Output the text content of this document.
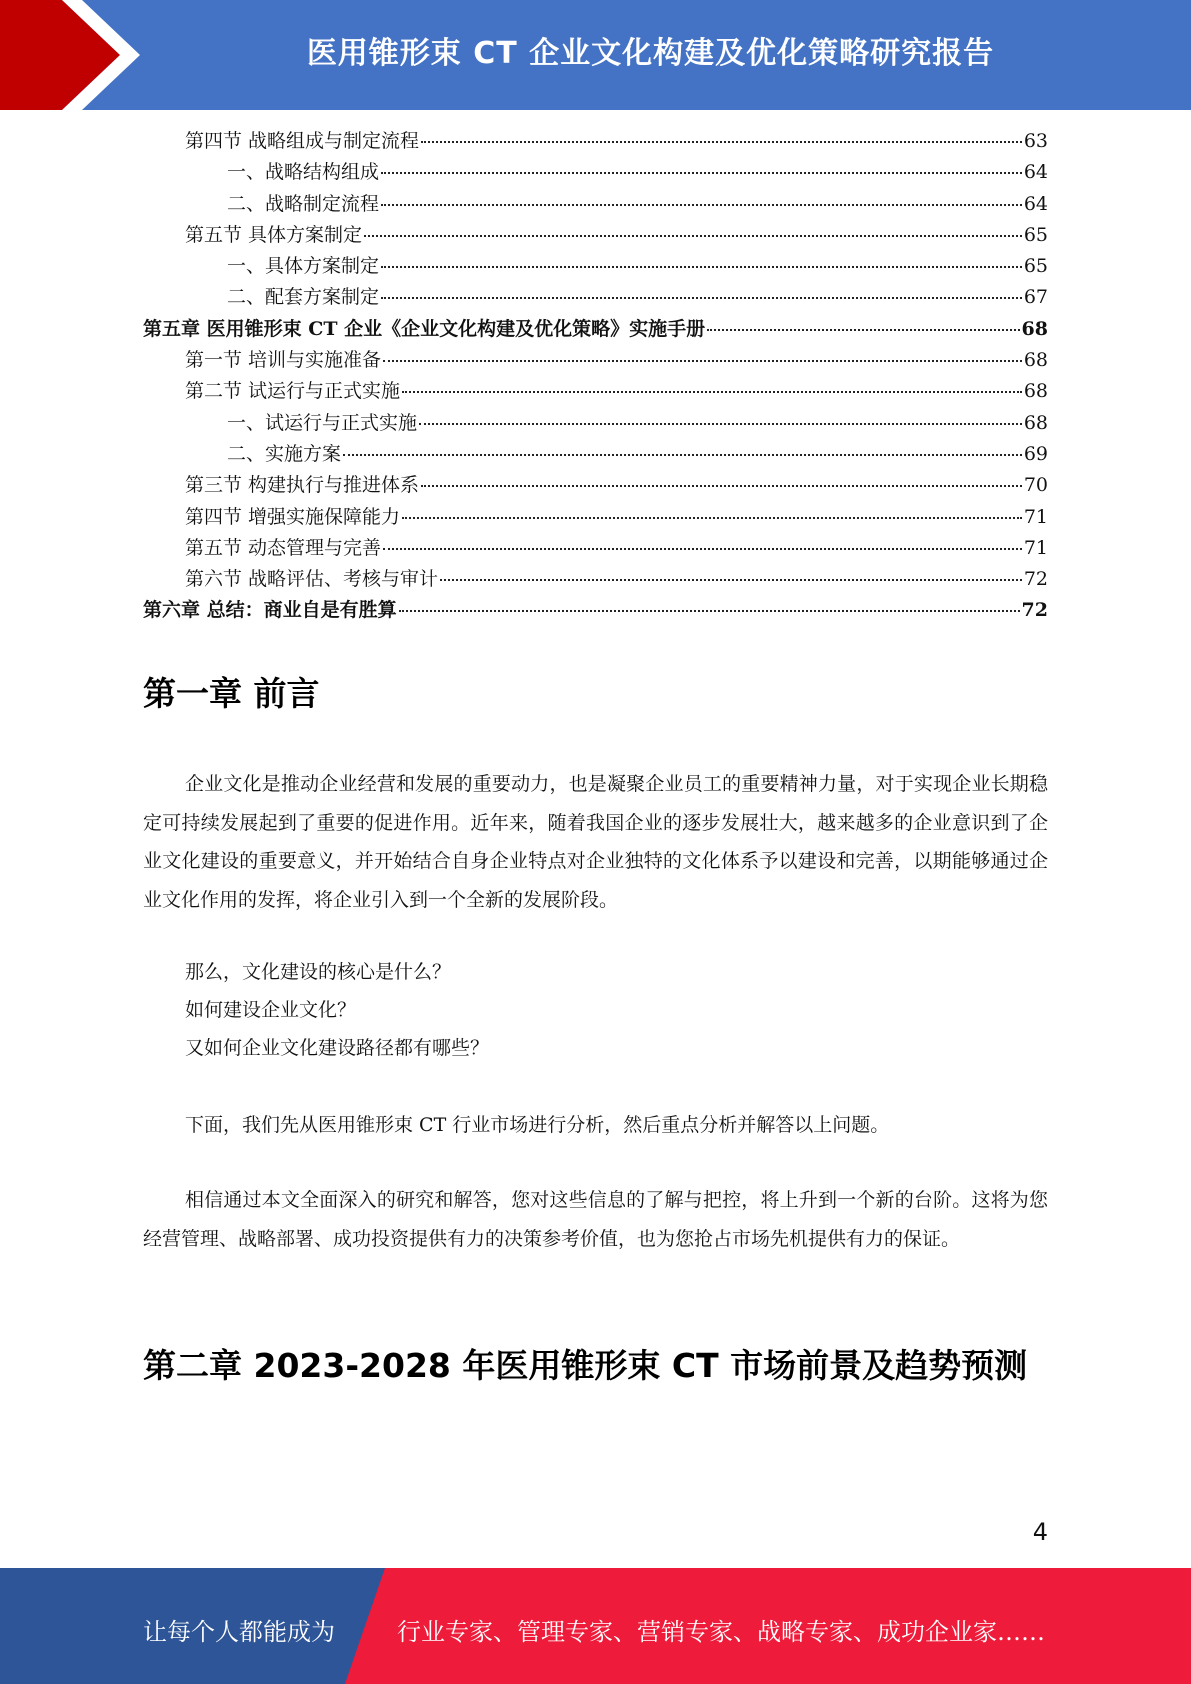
医用锥形束 CT 企业文化构建及优化策略研究报告
第四节 战略组成与制定流程	63
一、战略结构组成	64
二、战略制定流程	64
第五节 具体方案制定	65
一、具体方案制定	65
二、配套方案制定	67
第五章 医用锥形束 CT 企业《企业文化构建及优化策略》实施手册	68
第一节 培训与实施准备	68
第二节 试运行与正式实施	68
一、试运行与正式实施	68
二、实施方案	69
第三节 构建执行与推进体系	70
第四节 增强实施保障能力	71
第五节 动态管理与完善	71
第六节 战略评估、考核与审计	72
第六章 总结：商业自是有胜算	72
第一章 前言

企业文化是推动企业经营和发展的重要动力，也是凝聚企业员工的重要精神力量，对于实现企业长期稳定可持续发展起到了重要的促进作用。近年来，随着我国企业的逐步发展壮大，越来越多的企业意识到了企业文化建设的重要意义，并开始结合自身企业特点对企业独特的文化体系予以建设和完善，以期能够通过企业文化作用的发挥，将企业引入到一个全新的发展阶段。

那么，文化建设的核心是什么？

如何建设企业文化？

又如何企业文化建设路径都有哪些？

下面，我们先从医用锥形束 CT 行业市场进行分析，然后重点分析并解答以上问题。

相信通过本文全面深入的研究和解答，您对这些信息的了解与把控，将上升到一个新的台阶。这将为您经营管理、战略部署、成功投资提供有力的决策参考价值，也为您抢占市场先机提供有力的保证。

第二章 2023-2028 年医用锥形束 CT 市场前景及趋势预测
4
让每个人都能成为	行业专家、管理专家、营销专家、战略专家、成功企业家……
